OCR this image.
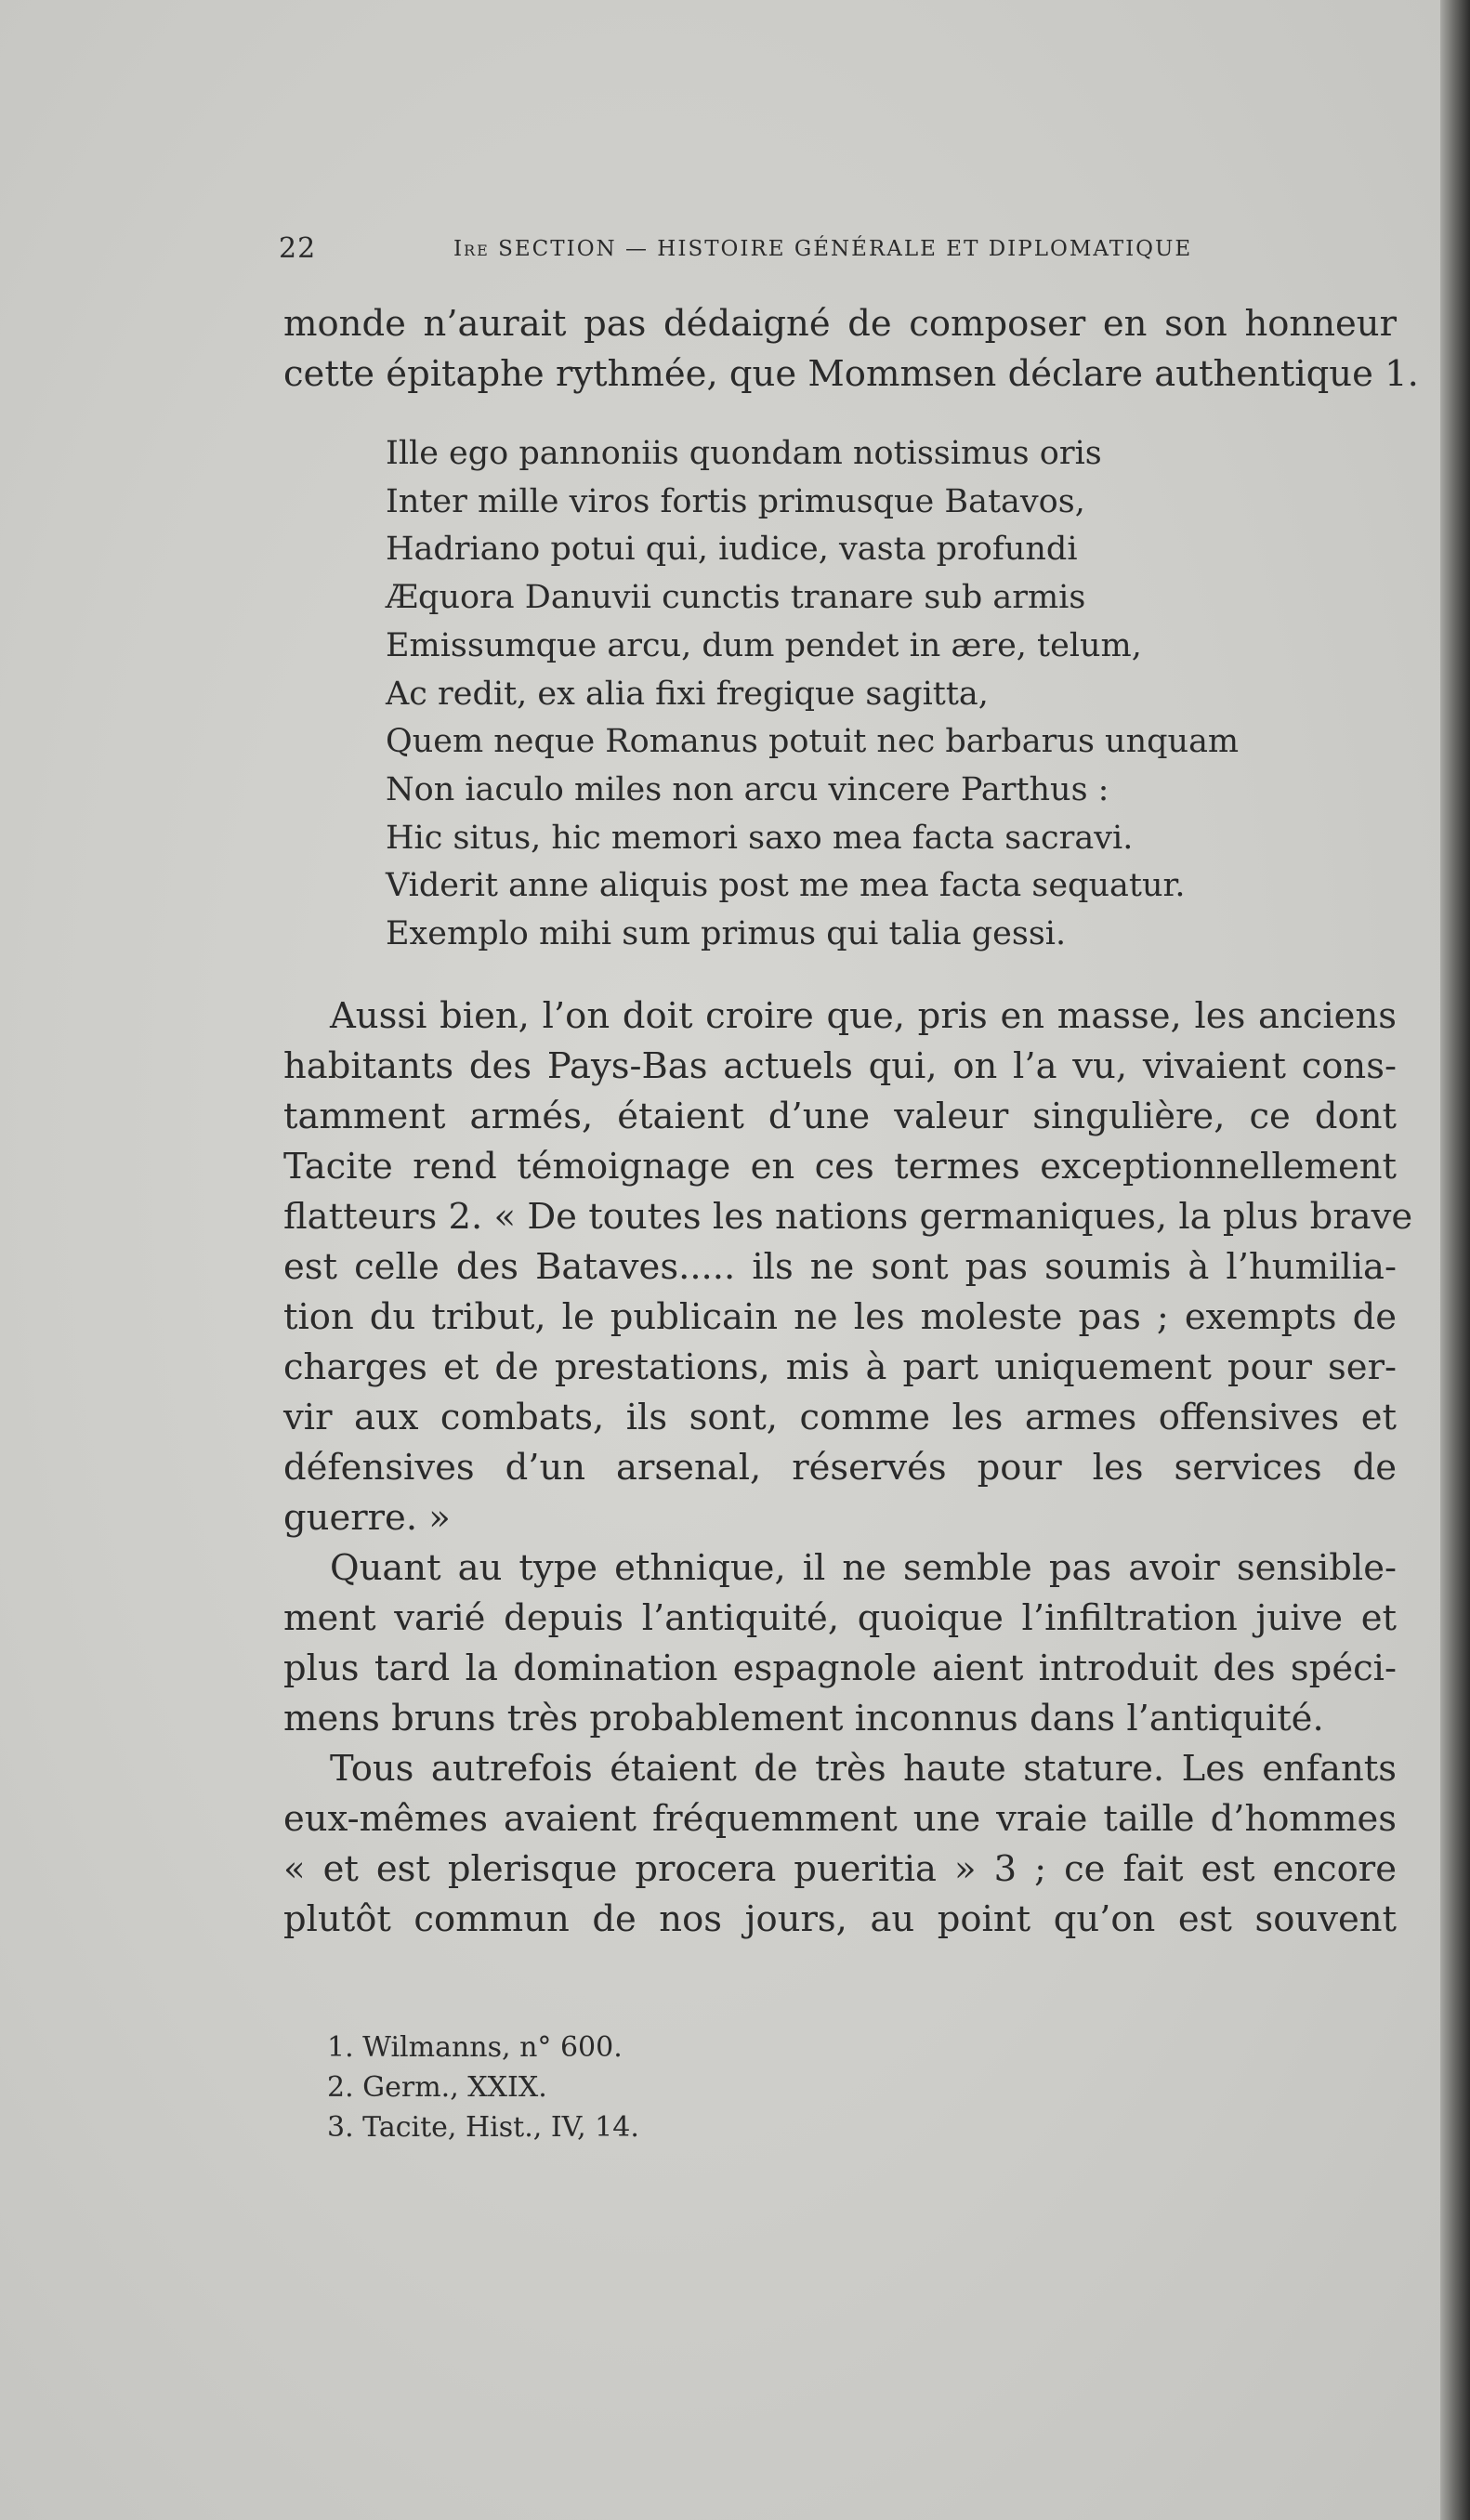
22	Ire SECTION — HISTOIRE GÉNÉRALE ET DIPLOMATIQUE
monde n’aurait pas dédaigné de composer en son honneur
cette épitaphe rythmée, que Mommsen déclare authentique 1.
Ille ego pannoniis quondam notissimus oris
Inter mille viros fortis primusque Batavos,
Hadriano potui qui, iudice, vasta profundi
Æquora Danuvii cunctis tranare sub armis
Emissumque arcu, dum pendet in ære, telum,
Ac redit, ex alia fixi fregique sagitta,
Quem neque Romanus potuit nec barbarus unquam
Non iaculo miles non arcu vincere Parthus :
Hic situs, hic memori saxo mea facta sacravi.
Viderit anne aliquis post me mea facta sequatur.
Exemplo mihi sum primus qui talia gessi.
Aussi bien, l’on doit croire que, pris en masse, les anciens
habitants des Pays-Bas actuels qui, on l’a vu, vivaient cons-
tamment armés, étaient d’une valeur singulière, ce dont
Tacite rend témoignage en ces termes exceptionnellement
flatteurs 2. « De toutes les nations germaniques, la plus brave
est celle des Bataves..... ils ne sont pas soumis à l’humilia-
tion du tribut, le publicain ne les moleste pas ; exempts de
charges et de prestations, mis à part uniquement pour ser-
vir aux combats, ils sont, comme les armes offensives et
défensives d’un arsenal, réservés pour les services de
guerre. »
Quant au type ethnique, il ne semble pas avoir sensible-
ment varié depuis l’antiquité, quoique l’infiltration juive et
plus tard la domination espagnole aient introduit des spéci-
mens bruns très probablement inconnus dans l’antiquité.
Tous autrefois étaient de très haute stature. Les enfants
eux-mêmes avaient fréquemment une vraie taille d’hommes
« et est plerisque procera pueritia » 3 ; ce fait est encore
plutôt commun de nos jours, au point qu’on est souvent
1. Wilmanns, n° 600.
2. Germ., XXIX.
3. Tacite, Hist., IV, 14.
